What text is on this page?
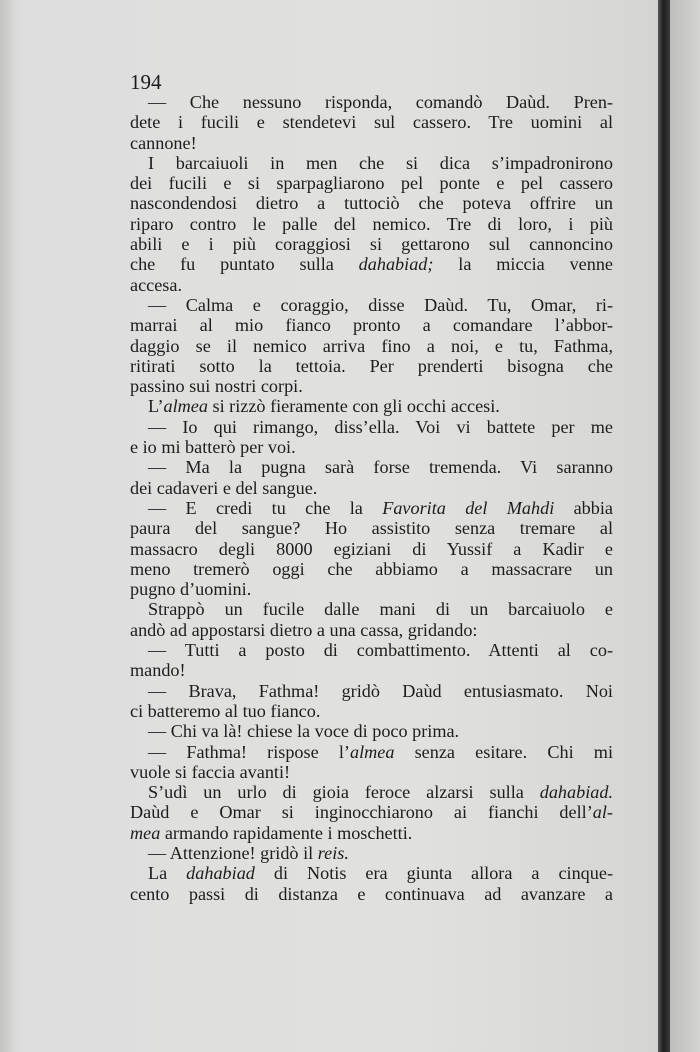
194
— Che nessuno risponda, comandò Daùd. Pren-
dete i fucili e stendetevi sul cassero. Tre uomini al
cannone!
I barcaiuoli in men che si dica s’impadronirono
dei fucili e si sparpagliarono pel ponte e pel cassero
nascondendosi dietro a tuttociò che poteva offrire un
riparo contro le palle del nemico. Tre di loro, i più
abili e i più coraggiosi si gettarono sul cannoncino
che fu puntato sulla dahabiad; la miccia venne
accesa.
— Calma e coraggio, disse Daùd. Tu, Omar, ri-
marrai al mio fianco pronto a comandare l’abbor-
daggio se il nemico arriva fino a noi, e tu, Fathma,
ritirati sotto la tettoia. Per prenderti bisogna che
passino sui nostri corpi.
L’almea si rizzò fieramente con gli occhi accesi.
— Io qui rimango, diss’ella. Voi vi battete per me
e io mi batterò per voi.
— Ma la pugna sarà forse tremenda. Vi saranno
dei cadaveri e del sangue.
— E credi tu che la Favorita del Mahdi abbia
paura del sangue? Ho assistito senza tremare al
massacro degli 8000 egiziani di Yussif a Kadir e
meno tremerò oggi che abbiamo a massacrare un
pugno d’uomini.
Strappò un fucile dalle mani di un barcaiuolo e
andò ad appostarsi dietro a una cassa, gridando:
— Tutti a posto di combattimento. Attenti al co-
mando!
— Brava, Fathma! gridò Daùd entusiasmato. Noi
ci batteremo al tuo fianco.
— Chi va là! chiese la voce di poco prima.
— Fathma! rispose l’almea senza esitare. Chi mi
vuole si faccia avanti!
S’udì un urlo di gioia feroce alzarsi sulla dahabiad.
Daùd e Omar si inginocchiarono ai fianchi dell’al-
mea armando rapidamente i moschetti.
— Attenzione! gridò il reis.
La dahabiad di Notis era giunta allora a cinque-
cento passi di distanza e continuava ad avanzare a
